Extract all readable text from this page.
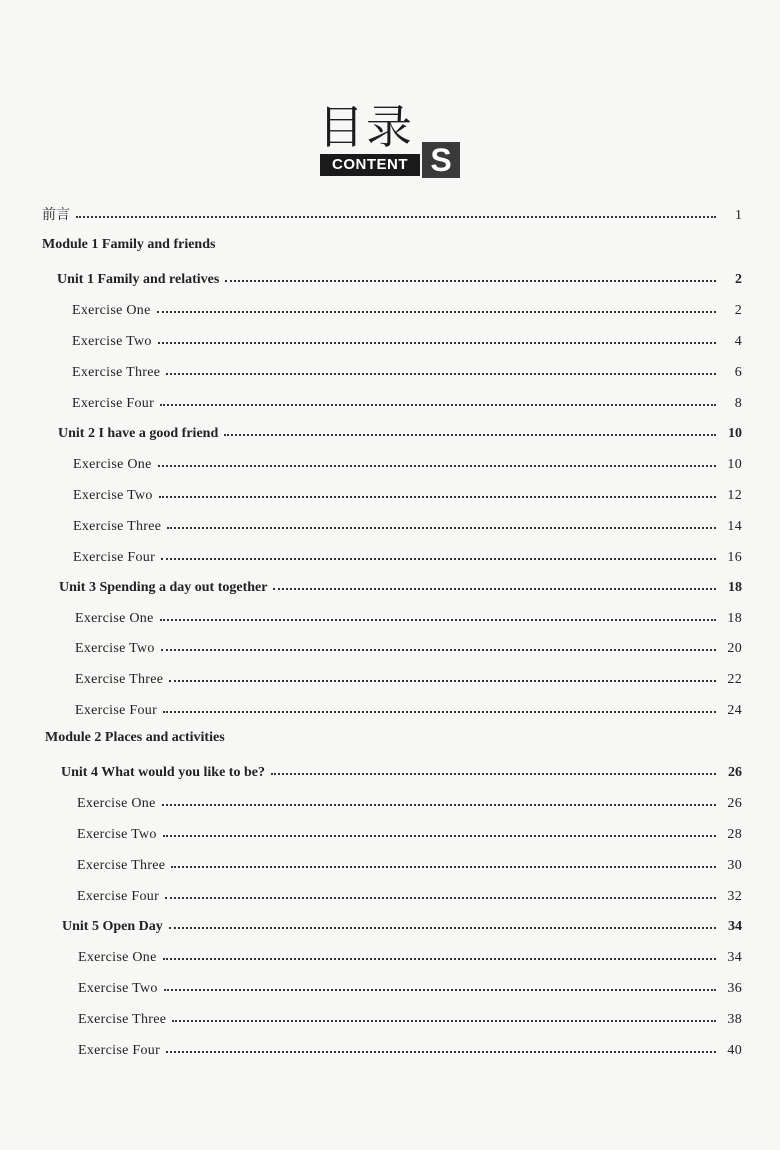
目录
CONTENT S
前言	1
Module 1 Family and friends
Unit 1 Family and relatives	2
Exercise One	2
Exercise Two	4
Exercise Three	6
Exercise Four	8
Unit 2 I have a good friend	10
Exercise One	10
Exercise Two	12
Exercise Three	14
Exercise Four	16
Unit 3 Spending a day out together	18
Exercise One	18
Exercise Two	20
Exercise Three	22
Exercise Four	24
Module 2 Places and activities
Unit 4 What would you like to be?	26
Exercise One	26
Exercise Two	28
Exercise Three	30
Exercise Four	32
Unit 5 Open Day	34
Exercise One	34
Exercise Two	36
Exercise Three	38
Exercise Four	40
